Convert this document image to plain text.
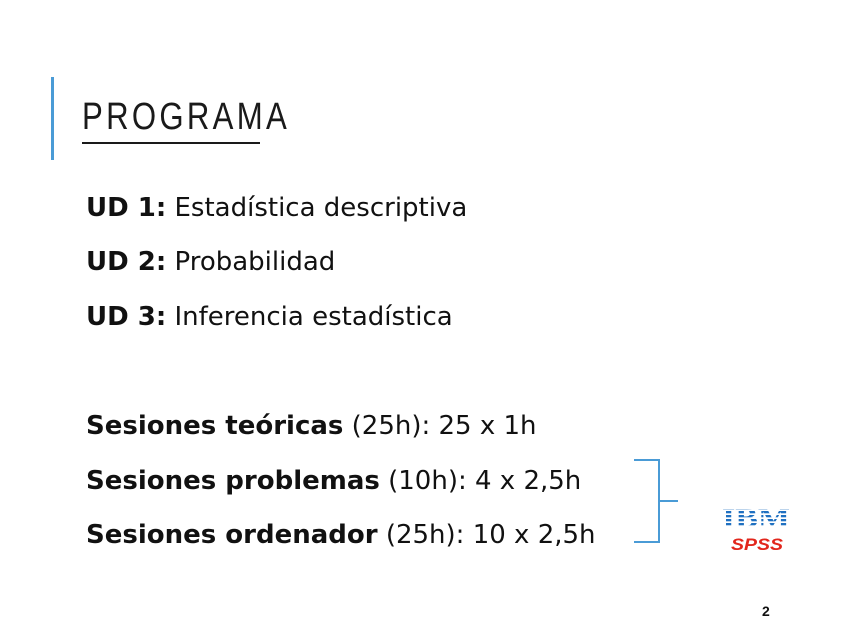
PROGRAMA

UD 1: Estadística descriptiva

UD 2: Probabilidad

UD 3: Inferencia estadística

Sesiones teóricas (25h): 25 x 1h

Sesiones problemas (10h): 4 x 2,5h

Sesiones ordenador (25h): 10 x 2,5h

IBM
SPSS
2
